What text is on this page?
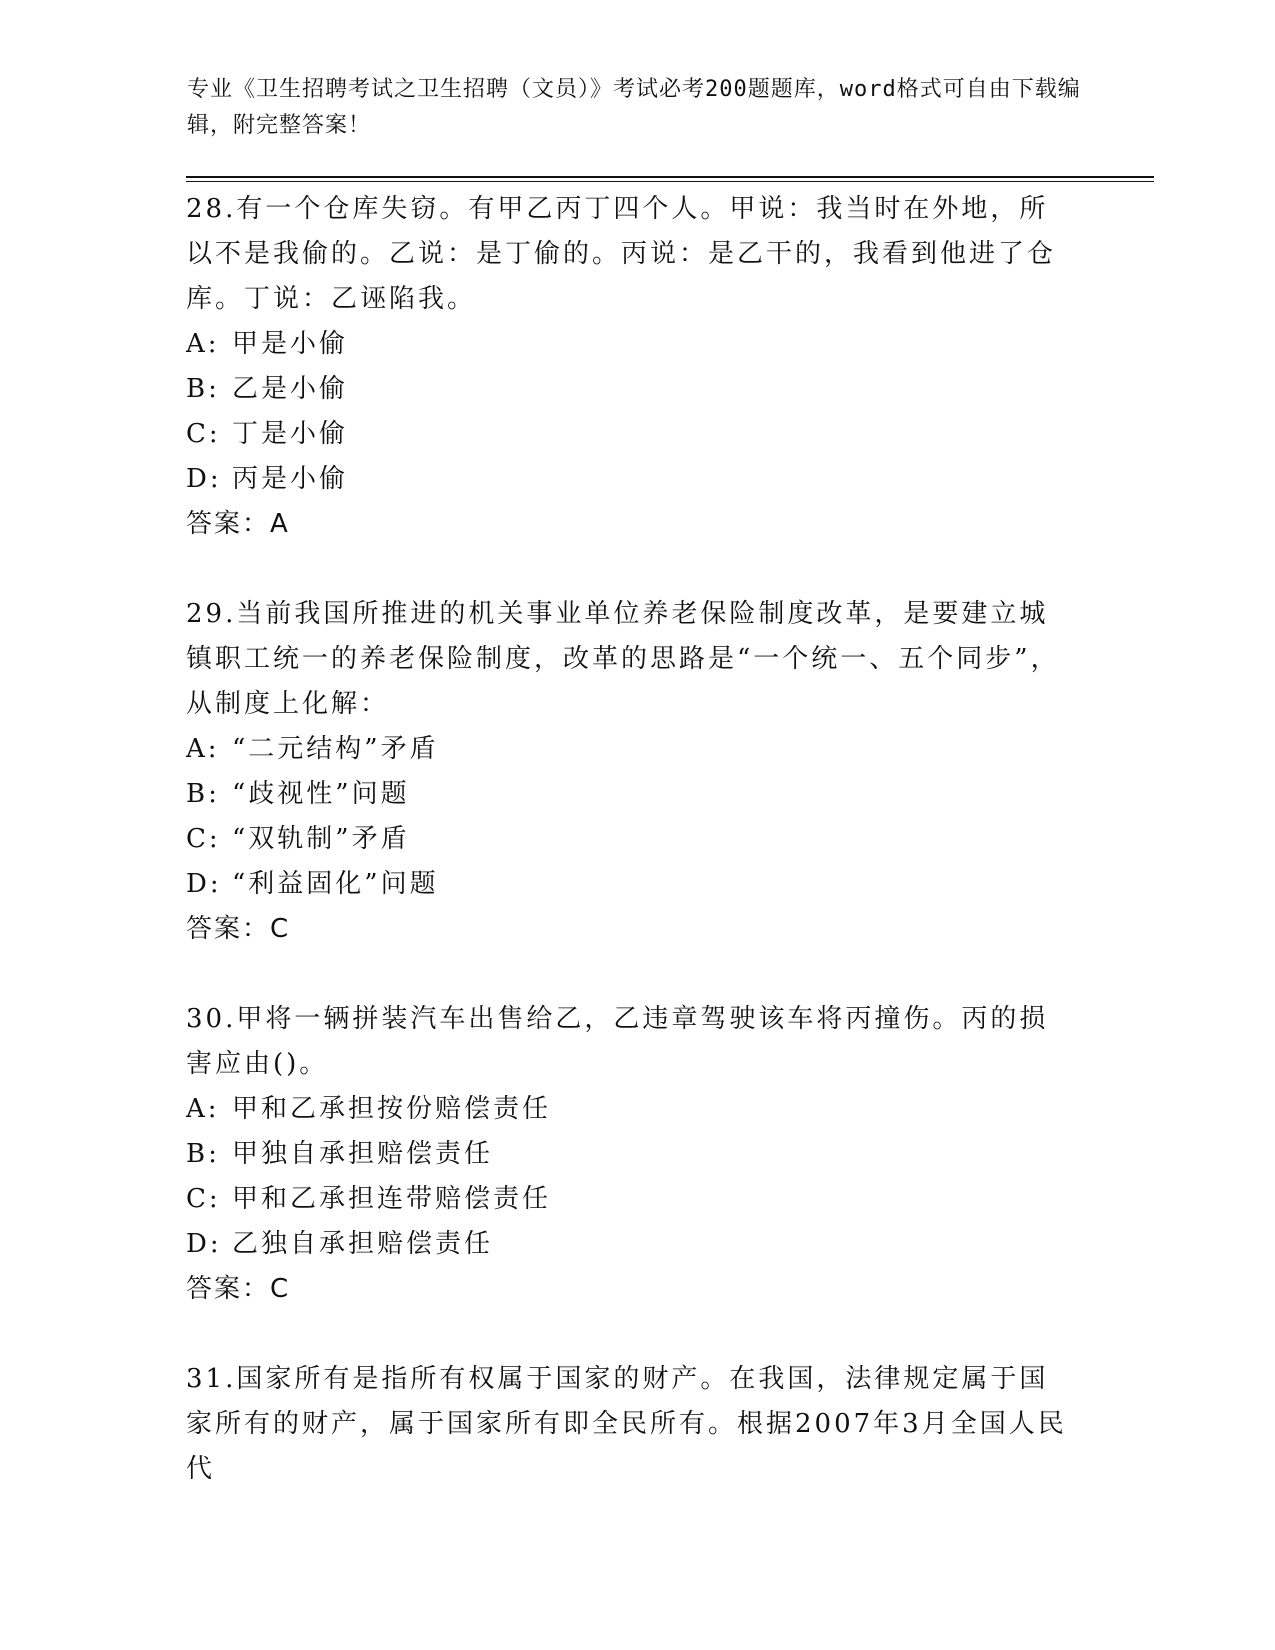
专业《卫生招聘考试之卫生招聘（文员）》考试必考200题题库，word格式可自由下载编辑，附完整答案！

28.有一个仓库失窃。有甲乙丙丁四个人。甲说：我当时在外地，所以不是我偷的。乙说：是丁偷的。丙说：是乙干的，我看到他进了仓库。丁说：乙诬陷我。

A: 甲是小偷
B: 乙是小偷
C: 丁是小偷
D: 丙是小偷

答案：A

29.当前我国所推进的机关事业单位养老保险制度改革，是要建立城镇职工统一的养老保险制度，改革的思路是“一个统一、五个同步”，从制度上化解：

A: “二元结构”矛盾
B: “歧视性”问题
C: “双轨制”矛盾
D: “利益固化”问题

答案：C

30.甲将一辆拼装汽车出售给乙，乙违章驾驶该车将丙撞伤。丙的损害应由()。

A: 甲和乙承担按份赔偿责任
B: 甲独自承担赔偿责任
C: 甲和乙承担连带赔偿责任
D: 乙独自承担赔偿责任

答案：C

31.国家所有是指所有权属于国家的财产。在我国，法律规定属于国家所有的财产，属于国家所有即全民所有。根据2007年3月全国人民代
